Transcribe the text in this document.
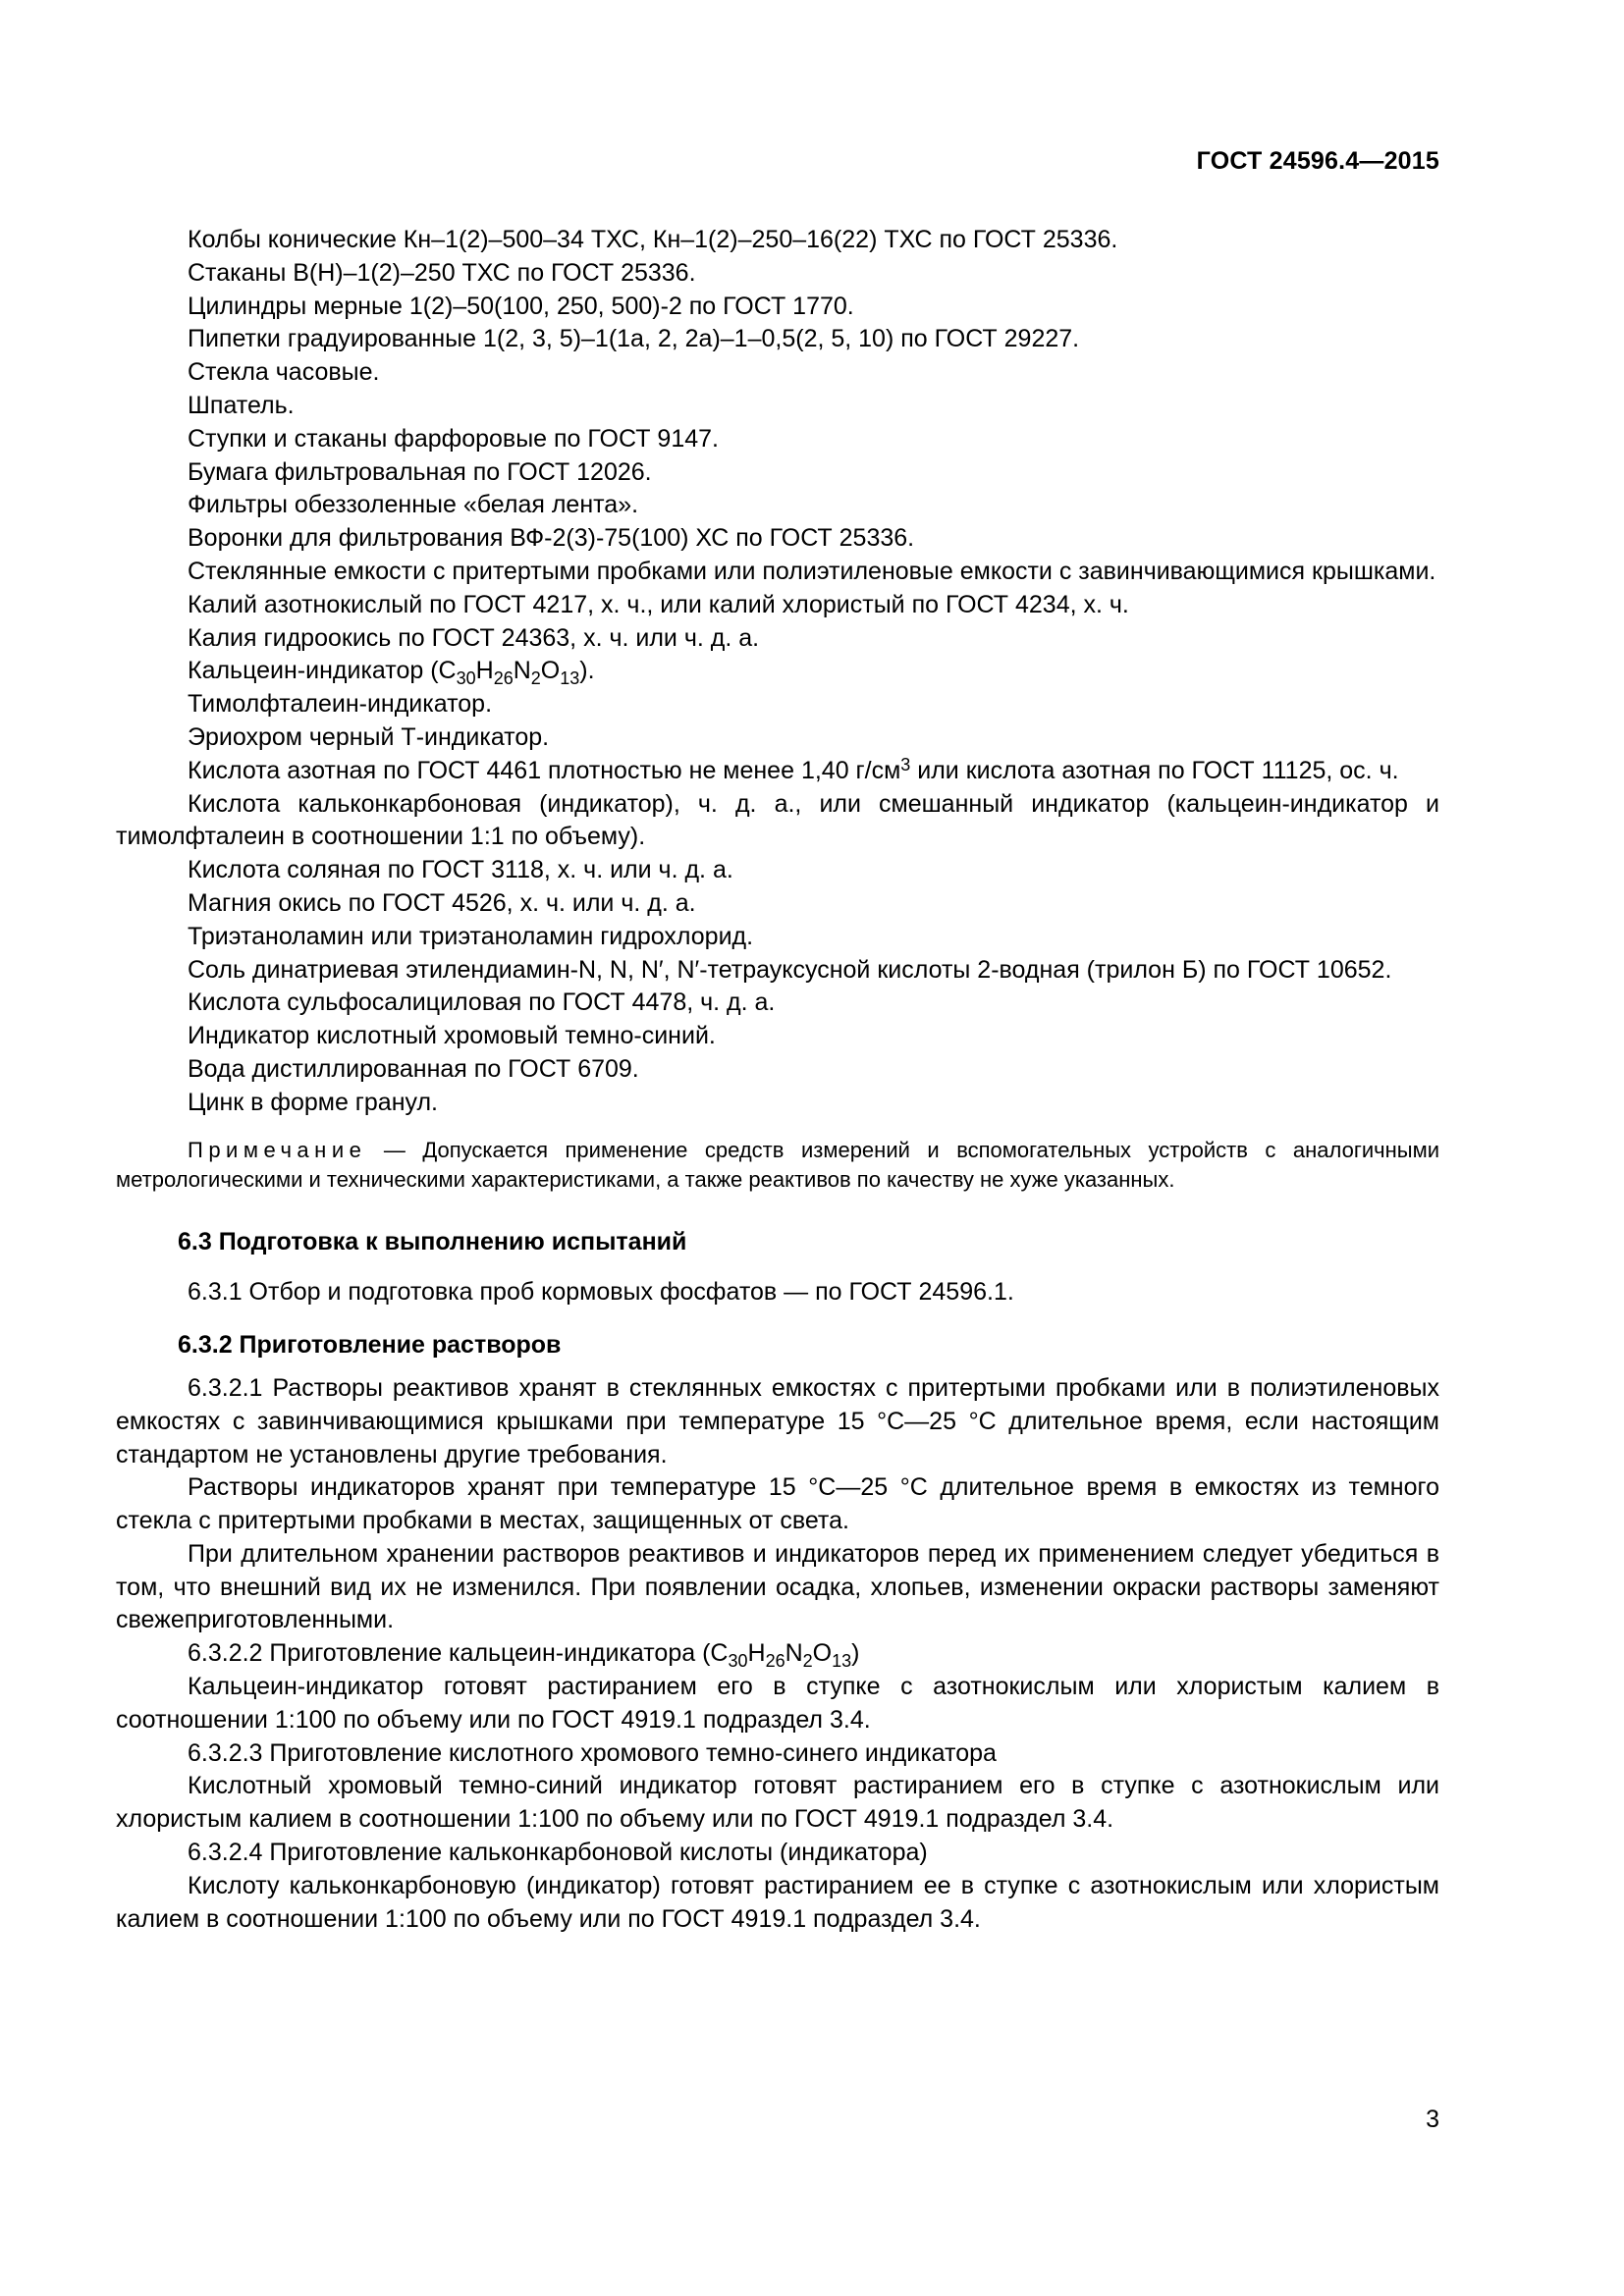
ГОСТ 24596.4—2015

Колбы конические Кн–1(2)–500–34 ТХС, Кн–1(2)–250–16(22) ТХС по ГОСТ 25336.

Стаканы В(Н)–1(2)–250 ТХС по ГОСТ 25336.

Цилиндры мерные 1(2)–50(100, 250, 500)-2 по ГОСТ 1770.

Пипетки градуированные 1(2, 3, 5)–1(1а, 2, 2а)–1–0,5(2, 5, 10) по ГОСТ 29227.

Стекла часовые.

Шпатель.

Ступки и стаканы фарфоровые по ГОСТ 9147.

Бумага фильтровальная по ГОСТ 12026.

Фильтры обеззоленные «белая лента».

Воронки для фильтрования ВФ-2(3)-75(100) ХС по ГОСТ 25336.

Стеклянные емкости с притертыми пробками или полиэтиленовые емкости с завинчивающимися крышками.

Калий азотнокислый по ГОСТ 4217, х. ч., или калий хлористый по ГОСТ 4234, х. ч.

Калия гидроокись по ГОСТ 24363, х. ч. или ч. д. а.

Кальцеин-индикатор $(C_{30}H_{26}N_2O_{13})$.

Тимолфталеин-индикатор.

Эриохром черный Т-индикатор.

Кислота азотная по ГОСТ 4461 плотностью не менее 1,40 $г/см^3$ или кислота азотная по ГОСТ 11125, ос. ч.

Кислота кальконкарбоновая (индикатор), ч. д. а., или смешанный индикатор (кальцеин-индикатор и тимолфталеин в соотношении 1:1 по объему).

Кислота соляная по ГОСТ 3118, х. ч. или ч. д. а.

Магния окись по ГОСТ 4526, х. ч. или ч. д. а.

Триэтаноламин или триэтаноламин гидрохлорид.

Соль динатриевая этилендиамин-N, N, N′, N′-тетрауксусной кислоты 2-водная (трилон Б) по ГОСТ 10652.

Кислота сульфосалициловая по ГОСТ 4478, ч. д. а.

Индикатор кислотный хромовый темно-синий.

Вода дистиллированная по ГОСТ 6709.

Цинк в форме гранул.

Примечание — Допускается применение средств измерений и вспомогательных устройств с аналогичными метрологическими и техническими характеристиками, а также реактивов по качеству не хуже указанных.

6.3 Подготовка к выполнению испытаний

6.3.1 Отбор и подготовка проб кормовых фосфатов — по ГОСТ 24596.1.

6.3.2 Приготовление растворов

6.3.2.1 Растворы реактивов хранят в стеклянных емкостях с притертыми пробками или в полиэтиленовых емкостях с завинчивающимися крышками при температуре 15 °С—25 °С длительное время, если настоящим стандартом не установлены другие требования.

Растворы индикаторов хранят при температуре 15 °С—25 °С длительное время в емкостях из темного стекла с притертыми пробками в местах, защищенных от света.

При длительном хранении растворов реактивов и индикаторов перед их применением следует убедиться в том, что внешний вид их не изменился. При появлении осадка, хлопьев, изменении окраски растворы заменяют свежеприготовленными.

6.3.2.2 Приготовление кальцеин-индикатора $(C_{30}H_{26}N_2O_{13})$

Кальцеин-индикатор готовят растиранием его в ступке с азотнокислым или хлористым калием в соотношении 1:100 по объему или по ГОСТ 4919.1 подраздел 3.4.

6.3.2.3 Приготовление кислотного хромового темно-синего индикатора

Кислотный хромовый темно-синий индикатор готовят растиранием его в ступке с азотнокислым или хлористым калием в соотношении 1:100 по объему или по ГОСТ 4919.1 подраздел 3.4.

6.3.2.4 Приготовление кальконкарбоновой кислоты (индикатора)

Кислоту кальконкарбоновую (индикатор) готовят растиранием ее в ступке с азотнокислым или хлористым калием в соотношении 1:100 по объему или по ГОСТ 4919.1 подраздел 3.4.

3
